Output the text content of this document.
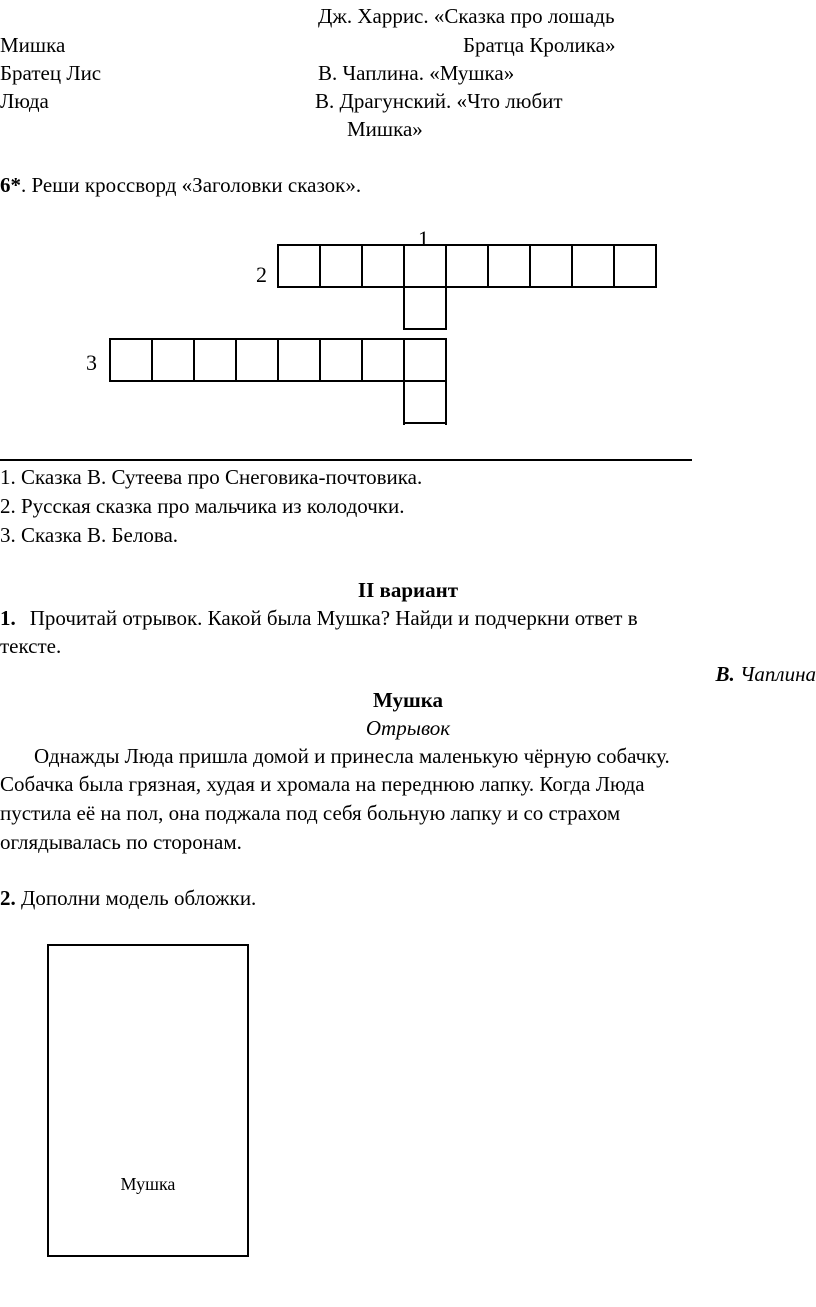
Дж. Харрис. «Сказка про лошадь
Мишка	Братца Кролика»
Братец Лис	В. Чаплина. «Мушка»
Люда	В. Драгунский. «Что любит
Мишка»
6*. Реши кроссворд «Заголовки сказок».
1
2
3
1. Сказка В. Сутеева про Снеговика-почтовика.
2. Русская сказка про мальчика из колодочки.
3. Сказка В. Белова.
II вариант
1. Прочитай отрывок. Какой была Мушка? Найди и подчеркни ответ в
тексте.
В. Чаплина
Мушка
Отрывок
Однажды Люда пришла домой и принесла маленькую чёрную собачку.
Собачка была грязная, худая и хромала на переднюю лапку. Когда Люда
пустила её на пол, она поджала под себя больную лапку и со страхом
оглядывалась по сторонам.
2. Дополни модель обложки.
Мушка
